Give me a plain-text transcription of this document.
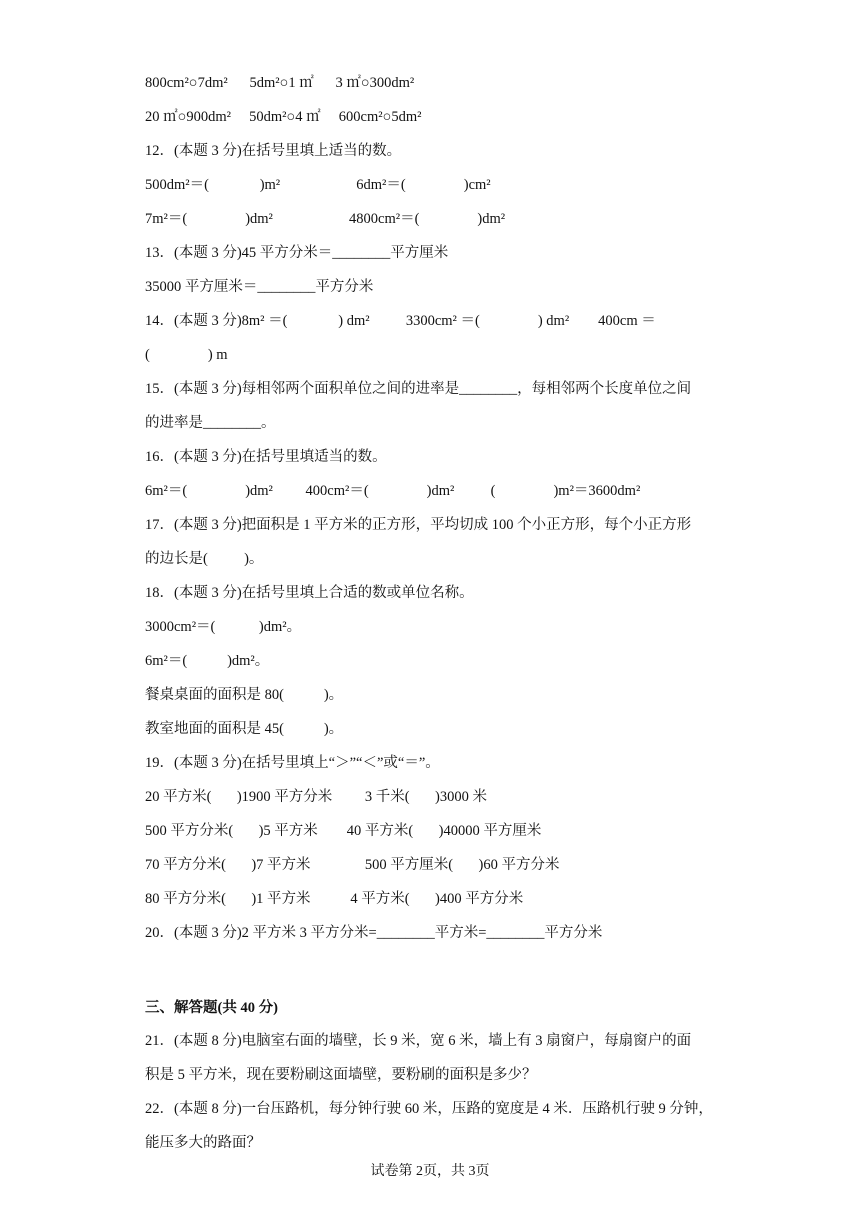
800cm²○7dm²      5dm²○1 ㎡      3 ㎡○300dm²
20 ㎡○900dm²     50dm²○4 ㎡     600cm²○5dm²
12．(本题 3 分)在括号里填上适当的数。
500dm²＝(              )m²                     6dm²＝(                )cm²
7m²＝(                )dm²                     4800cm²＝(                )dm²
13．(本题 3 分)45 平方分米＝________平方厘米
35000 平方厘米＝________平方分米
14．(本题 3 分)8m² ＝(              ) dm²          3300cm² ＝(                ) dm²        400cm ＝
(                ) m
15．(本题 3 分)每相邻两个面积单位之间的进率是________，每相邻两个长度单位之间
的进率是________。
16．(本题 3 分)在括号里填适当的数。
6m²＝(                )dm²         400cm²＝(                )dm²          (                )m²＝3600dm²
17．(本题 3 分)把面积是 1 平方米的正方形，平均切成 100 个小正方形，每个小正方形
的边长是(          )。
18．(本题 3 分)在括号里填上合适的数或单位名称。
3000cm²＝(            )dm²。
6m²＝(           )dm²。
餐桌桌面的面积是 80(           )。
教室地面的面积是 45(           )。
19．(本题 3 分)在括号里填上“＞”“＜”或“＝”。
20 平方米(       )1900 平方分米         3 千米(       )3000 米
500 平方分米(       )5 平方米        40 平方米(       )40000 平方厘米
70 平方分米(       )7 平方米               500 平方厘米(       )60 平方分米
80 平方分米(       )1 平方米           4 平方米(       )400 平方分米
20．(本题 3 分)2 平方米 3 平方分米=________平方米=________平方分米
三、解答题(共 40 分)
21．(本题 8 分)电脑室右面的墙壁，长 9 米，宽 6 米，墙上有 3 扇窗户，每扇窗户的面
积是 5 平方米，现在要粉刷这面墙壁，要粉刷的面积是多少？
22．(本题 8 分)一台压路机，每分钟行驶 60 米，压路的宽度是 4 米．压路机行驶 9 分钟，
能压多大的路面？
试卷第 2页，共 3页
